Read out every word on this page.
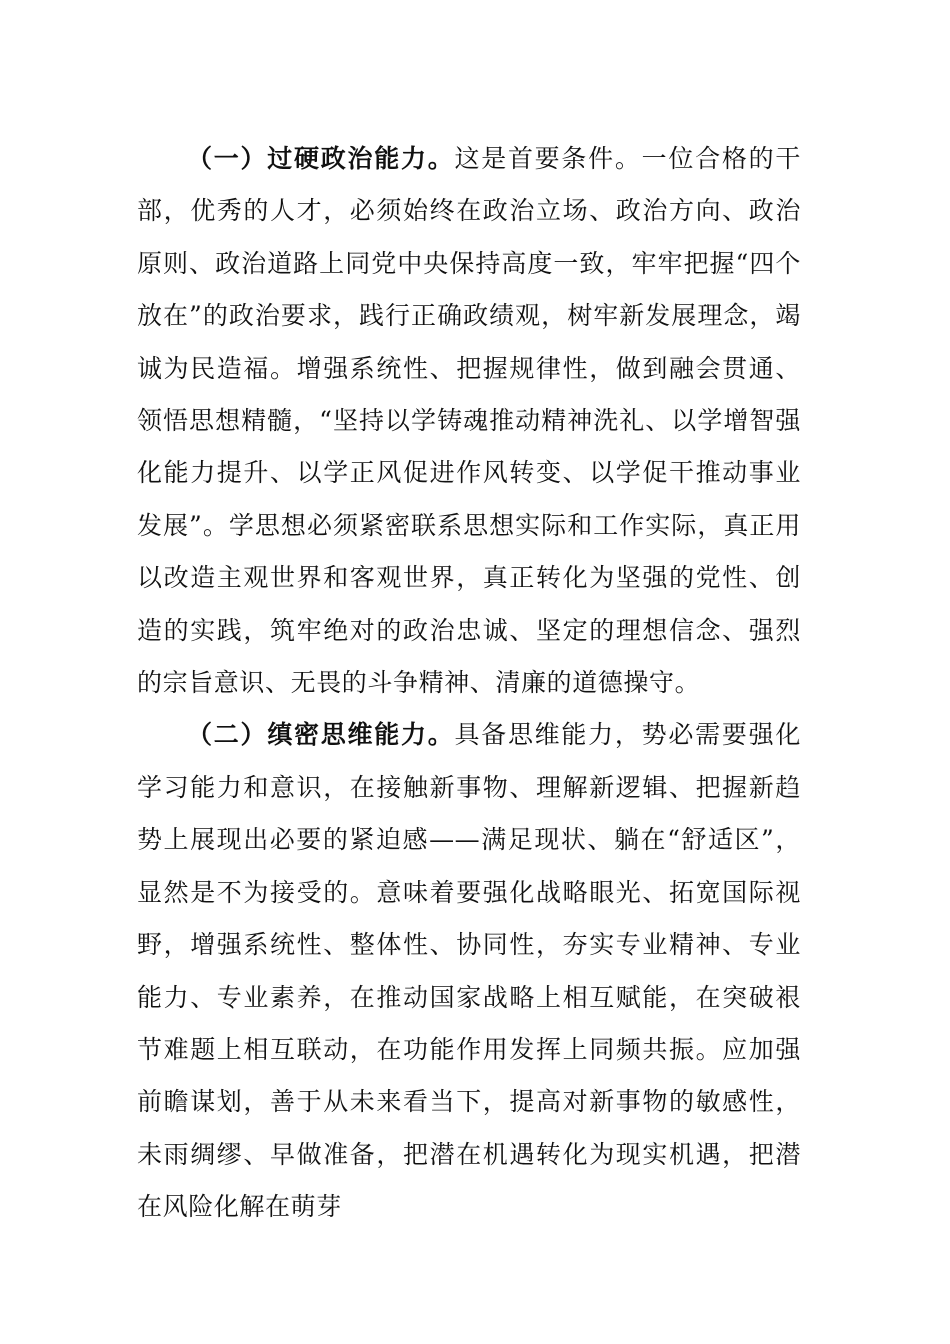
（一）过硬政治能力。这是首要条件。一位合格的干部，优秀的人才，必须始终在政治立场、政治方向、政治原则、政治道路上同党中央保持高度一致，牢牢把握“四个放在”的政治要求，践行正确政绩观，树牢新发展理念，竭诚为民造福。增强系统性、把握规律性，做到融会贯通、领悟思想精髓，“坚持以学铸魂推动精神洗礼、以学增智强化能力提升、以学正风促进作风转变、以学促干推动事业发展”。学思想必须紧密联系思想实际和工作实际，真正用以改造主观世界和客观世界，真正转化为坚强的党性、创造的实践，筑牢绝对的政治忠诚、坚定的理想信念、强烈的宗旨意识、无畏的斗争精神、清廉的道德操守。

（二）缜密思维能力。具备思维能力，势必需要强化学习能力和意识，在接触新事物、理解新逻辑、把握新趋势上展现出必要的紧迫感——满足现状、躺在“舒适区”，显然是不为接受的。意味着要强化战略眼光、拓宽国际视野，增强系统性、整体性、协同性，夯实专业精神、专业能力、专业素养，在推动国家战略上相互赋能，在突破裉节难题上相互联动，在功能作用发挥上同频共振。应加强前瞻谋划，善于从未来看当下，提高对新事物的敏感性，未雨绸缪、早做准备，把潜在机遇转化为现实机遇，把潜在风险化解在萌芽
